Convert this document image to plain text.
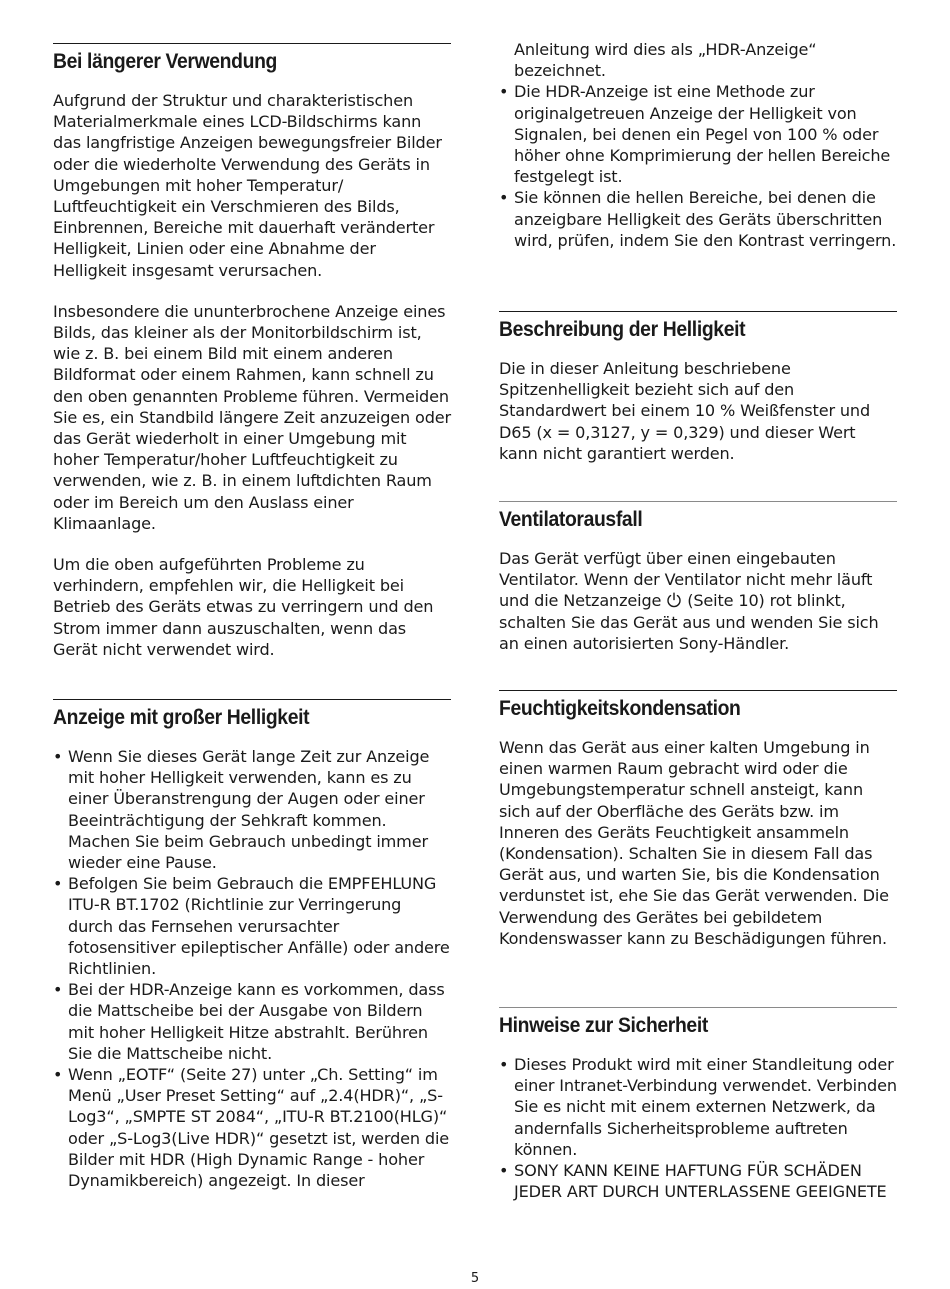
Bei längerer Verwendung

Aufgrund der Struktur und charakteristischen Materialmerkmale eines LCD-Bildschirms kann das langfristige Anzeigen bewegungsfreier Bilder oder die wiederholte Verwendung des Geräts in Umgebungen mit hoher Temperatur/ Luftfeuchtigkeit ein Verschmieren des Bilds, Einbrennen, Bereiche mit dauerhaft veränderter Helligkeit, Linien oder eine Abnahme der Helligkeit insgesamt verursachen.

Insbesondere die ununterbrochene Anzeige eines Bilds, das kleiner als der Monitorbildschirm ist, wie z. B. bei einem Bild mit einem anderen Bildformat oder einem Rahmen, kann schnell zu den oben genannten Probleme führen. Vermeiden Sie es, ein Standbild längere Zeit anzuzeigen oder das Gerät wiederholt in einer Umgebung mit hoher Temperatur/hoher Luftfeuchtigkeit zu verwenden, wie z. B. in einem luftdichten Raum oder im Bereich um den Auslass einer Klimaanlage.

Um die oben aufgeführten Probleme zu verhindern, empfehlen wir, die Helligkeit bei Betrieb des Geräts etwas zu verringern und den Strom immer dann auszuschalten, wenn das Gerät nicht verwendet wird.

Anzeige mit großer Helligkeit
• Wenn Sie dieses Gerät lange Zeit zur Anzeige mit hoher Helligkeit verwenden, kann es zu einer Überanstrengung der Augen oder einer Beeinträchtigung der Sehkraft kommen. Machen Sie beim Gebrauch unbedingt immer wieder eine Pause.
• Befolgen Sie beim Gebrauch die EMPFEHLUNG ITU-R BT.1702 (Richtlinie zur Verringerung durch das Fernsehen verursachter fotosensitiver epileptischer Anfälle) oder andere Richtlinien.
• Bei der HDR-Anzeige kann es vorkommen, dass die Mattscheibe bei der Ausgabe von Bildern mit hoher Helligkeit Hitze abstrahlt. Berühren Sie die Mattscheibe nicht.
• Wenn „EOTF“ (Seite 27) unter „Ch. Setting“ im Menü „User Preset Setting“ auf „2.4(HDR)“, „S-Log3“, „SMPTE ST 2084“, „ITU-R BT.2100(HLG)“ oder „S-Log3(Live HDR)“ gesetzt ist, werden die Bilder mit HDR (High Dynamic Range - hoher Dynamikbereich) angezeigt. In dieser

Anleitung wird dies als „HDR-Anzeige“ bezeichnet.

• Die HDR-Anzeige ist eine Methode zur originalgetreuen Anzeige der Helligkeit von Signalen, bei denen ein Pegel von 100 % oder höher ohne Komprimierung der hellen Bereiche festgelegt ist.
• Sie können die hellen Bereiche, bei denen die anzeigbare Helligkeit des Geräts überschritten wird, prüfen, indem Sie den Kontrast verringern.
Beschreibung der Helligkeit

Die in dieser Anleitung beschriebene Spitzenhelligkeit bezieht sich auf den Standardwert bei einem 10 % Weißfenster und D65 (x = 0,3127, y = 0,329) und dieser Wert kann nicht garantiert werden.

Ventilatorausfall

Das Gerät verfügt über einen eingebauten Ventilator. Wenn der Ventilator nicht mehr läuft und die Netzanzeige  (Seite 10) rot blinkt, schalten Sie das Gerät aus und wenden Sie sich an einen autorisierten Sony-Händler.

Feuchtigkeitskondensation

Wenn das Gerät aus einer kalten Umgebung in einen warmen Raum gebracht wird oder die Umgebungstemperatur schnell ansteigt, kann sich auf der Oberfläche des Geräts bzw. im Inneren des Geräts Feuchtigkeit ansammeln (Kondensation). Schalten Sie in diesem Fall das Gerät aus, und warten Sie, bis die Kondensation verdunstet ist, ehe Sie das Gerät verwenden. Die Verwendung des Gerätes bei gebildetem Kondenswasser kann zu Beschädigungen führen.

Hinweise zur Sicherheit
• Dieses Produkt wird mit einer Standleitung oder einer Intranet-Verbindung verwendet. Verbinden Sie es nicht mit einem externen Netzwerk, da andernfalls Sicherheitsprobleme auftreten können.
• SONY KANN KEINE HAFTUNG FÜR SCHÄDEN JEDER ART DURCH UNTERLASSENE GEEIGNETE
5
